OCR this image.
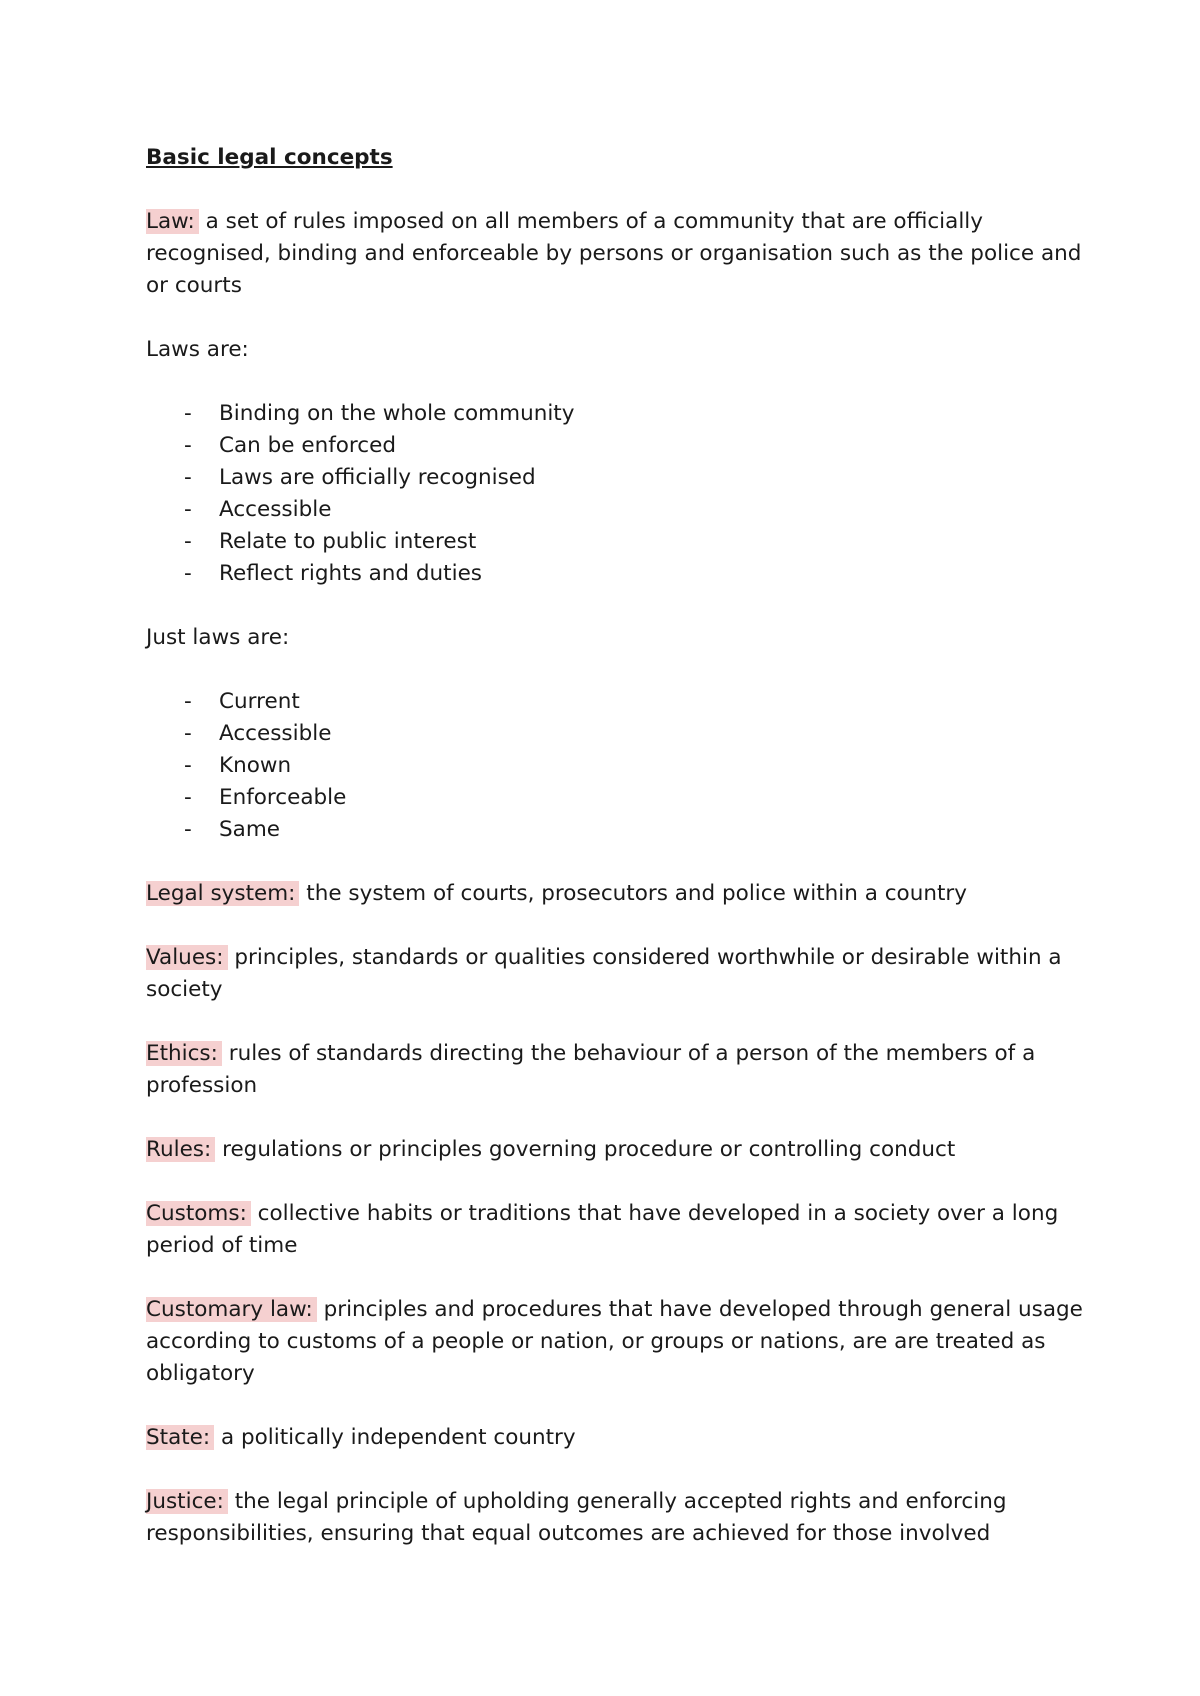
Basic legal concepts

Law: a set of rules imposed on all members of a community that are officially recognised, binding and enforceable by persons or organisation such as the police and or courts

Laws are:

- Binding on the whole community
- Can be enforced
- Laws are officially recognised
- Accessible
- Relate to public interest
- Reflect rights and duties

Just laws are:

- Current
- Accessible
- Known
- Enforceable
- Same

Legal system: the system of courts, prosecutors and police within a country

Values: principles, standards or qualities considered worthwhile or desirable within a society

Ethics: rules of standards directing the behaviour of a person of the members of a profession

Rules: regulations or principles governing procedure or controlling conduct

Customs: collective habits or traditions that have developed in a society over a long period of time

Customary law: principles and procedures that have developed through general usage according to customs of a people or nation, or groups or nations, are are treated as obligatory

State: a politically independent country

Justice: the legal principle of upholding generally accepted rights and enforcing responsibilities, ensuring that equal outcomes are achieved for those involved
